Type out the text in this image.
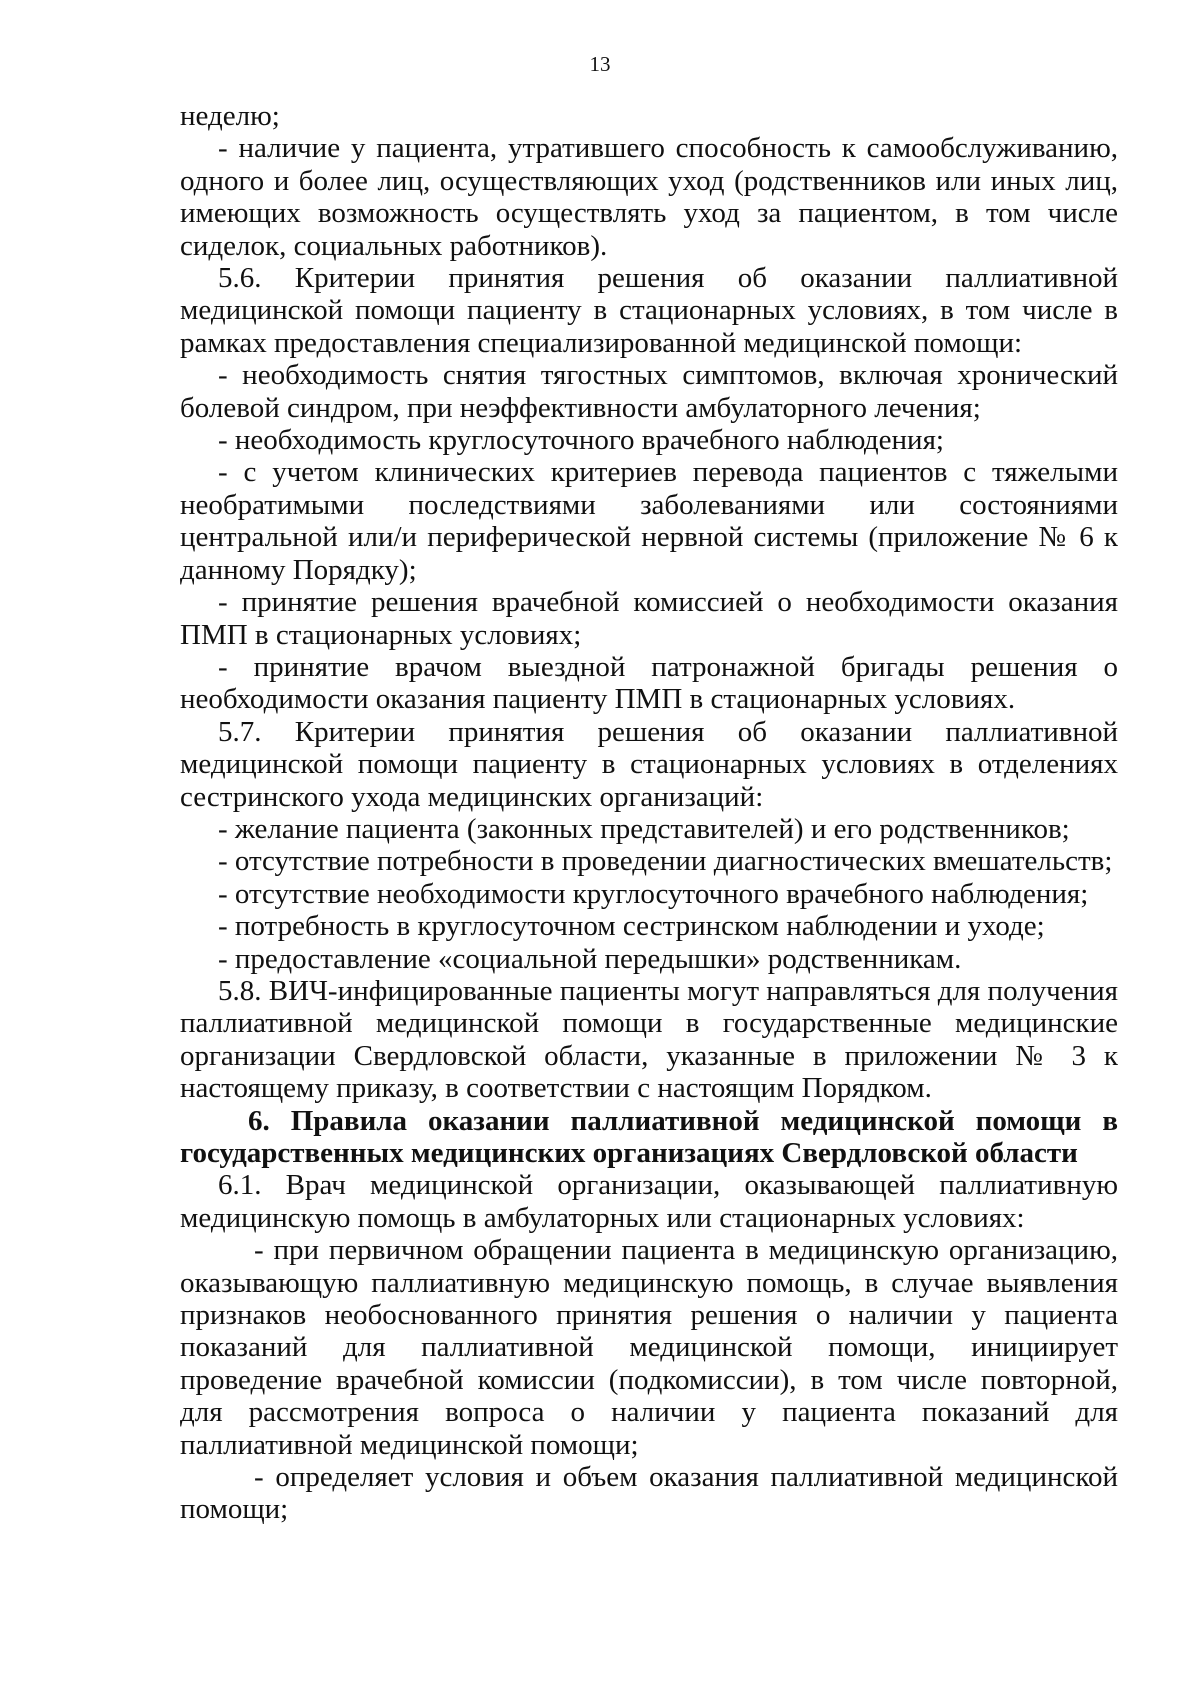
13

неделю;

- наличие у пациента, утратившего способность к самообслуживанию, одного и более лиц, осуществляющих уход (родственников или иных лиц, имеющих возможность осуществлять уход за пациентом, в том числе сиделок, социальных работников).

5.6. Критерии принятия решения об оказании паллиативной медицинской помощи пациенту в стационарных условиях, в том числе в рамках предоставления специализированной медицинской помощи:

- необходимость снятия тягостных симптомов, включая хронический болевой синдром, при неэффективности амбулаторного лечения;

- необходимость круглосуточного врачебного наблюдения;

- с учетом клинических критериев перевода пациентов с тяжелыми необратимыми последствиями заболеваниями или состояниями центральной или/и периферической нервной системы (приложение № 6 к данному Порядку);

- принятие решения врачебной комиссией о необходимости оказания ПМП в стационарных условиях;

- принятие врачом выездной патронажной бригады решения о необходимости оказания пациенту ПМП в стационарных условиях.

5.7. Критерии принятия решения об оказании паллиативной медицинской помощи пациенту в стационарных условиях в отделениях сестринского ухода медицинских организаций:

- желание пациента (законных представителей) и его родственников;

- отсутствие потребности в проведении диагностических вмешательств;

- отсутствие необходимости круглосуточного врачебного наблюдения;

- потребность в круглосуточном сестринском наблюдении и уходе;

- предоставление «социальной передышки» родственникам.

5.8. ВИЧ-инфицированные пациенты могут направляться для получения паллиативной медицинской помощи в государственные медицинские организации Свердловской области, указанные в приложении № 3 к настоящему приказу, в соответствии с настоящим Порядком.

6. Правила оказании паллиативной медицинской помощи в государственных медицинских организациях Свердловской области

6.1. Врач медицинской организации, оказывающей паллиативную медицинскую помощь в амбулаторных или стационарных условиях:

- при первичном обращении пациента в медицинскую организацию, оказывающую паллиативную медицинскую помощь, в случае выявления признаков необоснованного принятия решения о наличии у пациента показаний для паллиативной медицинской помощи, инициирует проведение врачебной комиссии (подкомиссии), в том числе повторной, для рассмотрения вопроса о наличии у пациента показаний для паллиативной медицинской помощи;

- определяет условия и объем оказания паллиативной медицинской помощи;
